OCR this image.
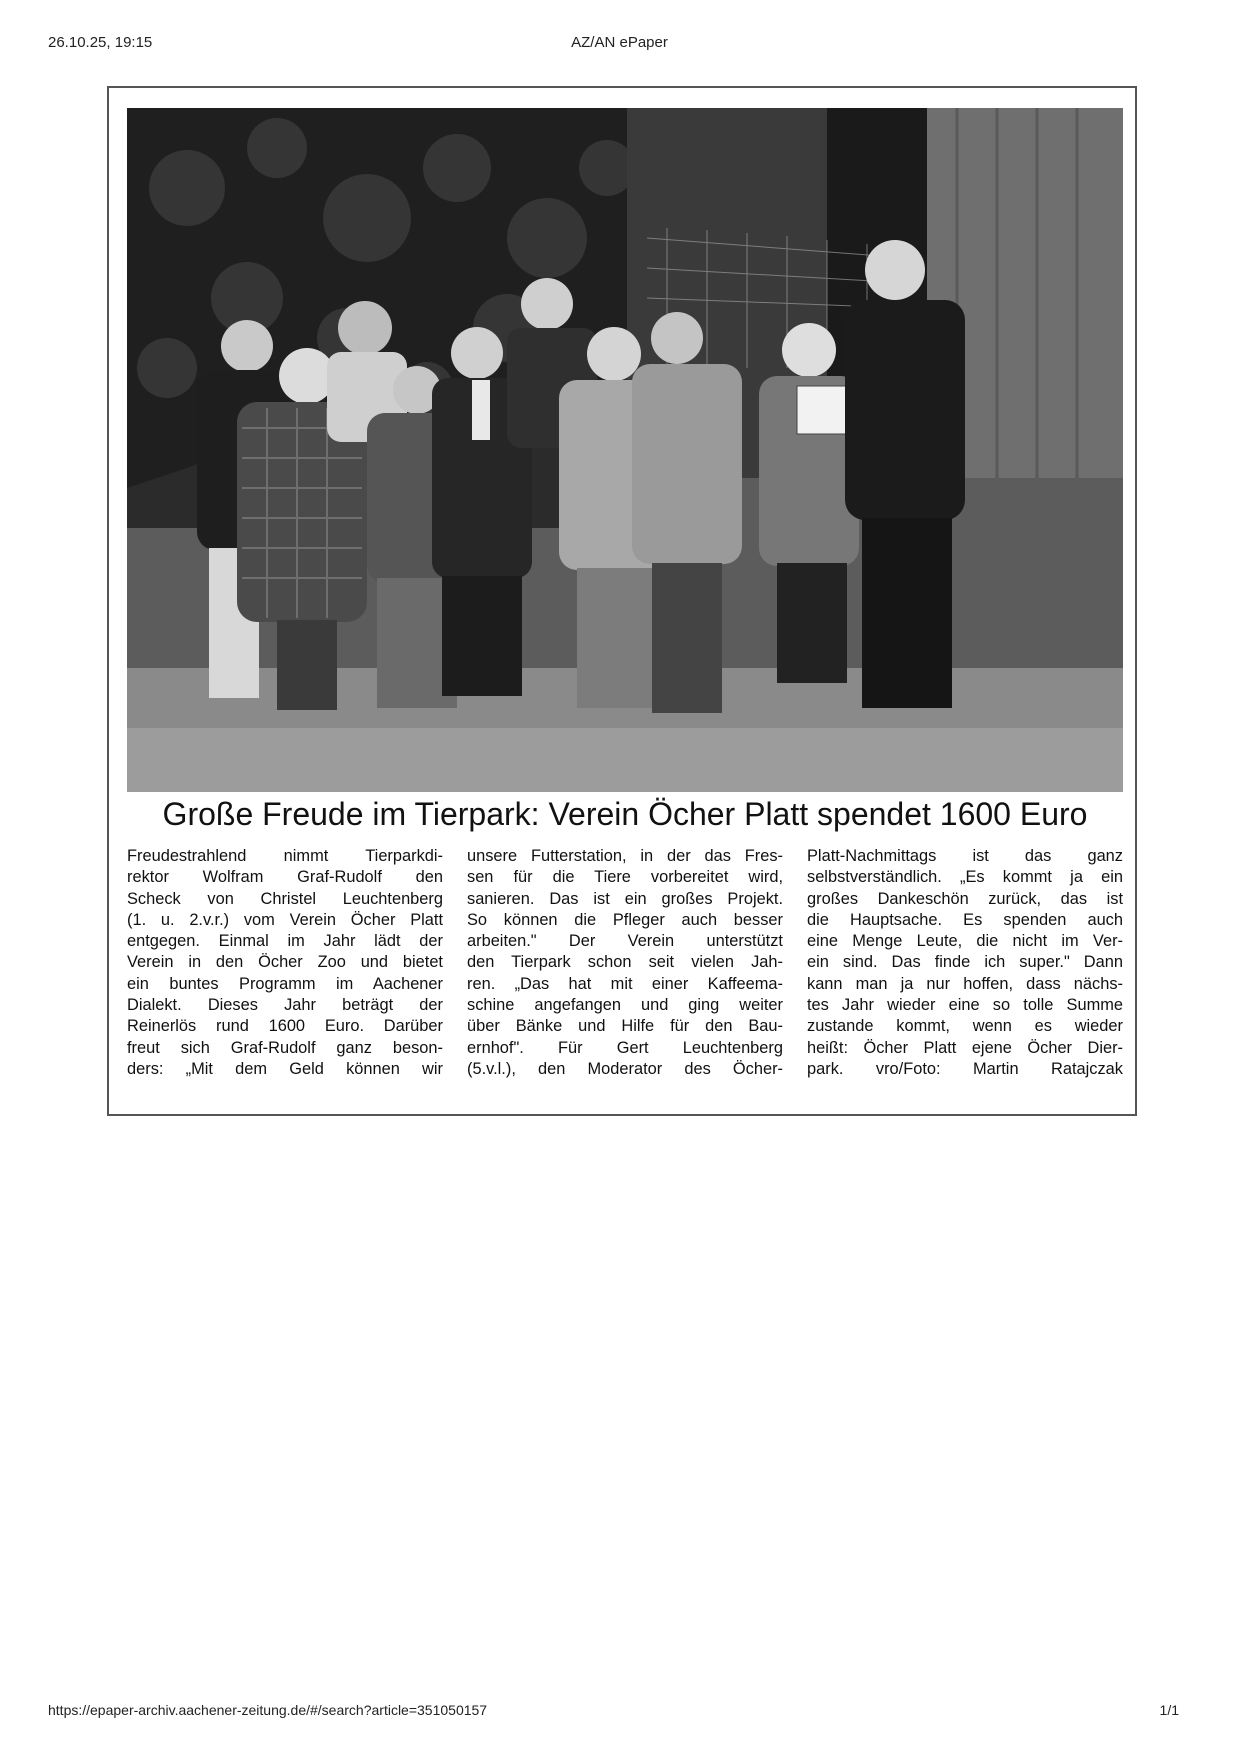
26.10.25, 19:15	AZ/AN ePaper
Große Freude im Tierpark: Verein Öcher Platt spendet 1600 Euro
Freudestrahlend nimmt Tierparkdi-
rektor Wolfram Graf-Rudolf den
Scheck von Christel Leuchtenberg
(1. u. 2.v.r.) vom Verein Öcher Platt
entgegen. Einmal im Jahr lädt der
Verein in den Öcher Zoo und bietet
ein buntes Programm im Aachener
Dialekt. Dieses Jahr beträgt der
Reinerlös rund 1600 Euro. Darüber
freut sich Graf-Rudolf ganz beson-
ders: „Mit dem Geld können wir
unsere Futterstation, in der das Fres-
sen für die Tiere vorbereitet wird,
sanieren. Das ist ein großes Projekt.
So können die Pfleger auch besser
arbeiten." Der Verein unterstützt
den Tierpark schon seit vielen Jah-
ren. „Das hat mit einer Kaffeema-
schine angefangen und ging weiter
über Bänke und Hilfe für den Bau-
ernhof". Für Gert Leuchtenberg
(5.v.l.), den Moderator des Öcher-
Platt-Nachmittags ist das ganz
selbstverständlich. „Es kommt ja ein
großes Dankeschön zurück, das ist
die Hauptsache. Es spenden auch
eine Menge Leute, die nicht im Ver-
ein sind. Das finde ich super." Dann
kann man ja nur hoffen, dass nächs-
tes Jahr wieder eine so tolle Summe
zustande kommt, wenn es wieder
heißt: Öcher Platt ejene Öcher Dier-
park. vro/Foto: Martin Ratajczak
https://epaper-archiv.aachener-zeitung.de/#/search?article=351050157	1/1
